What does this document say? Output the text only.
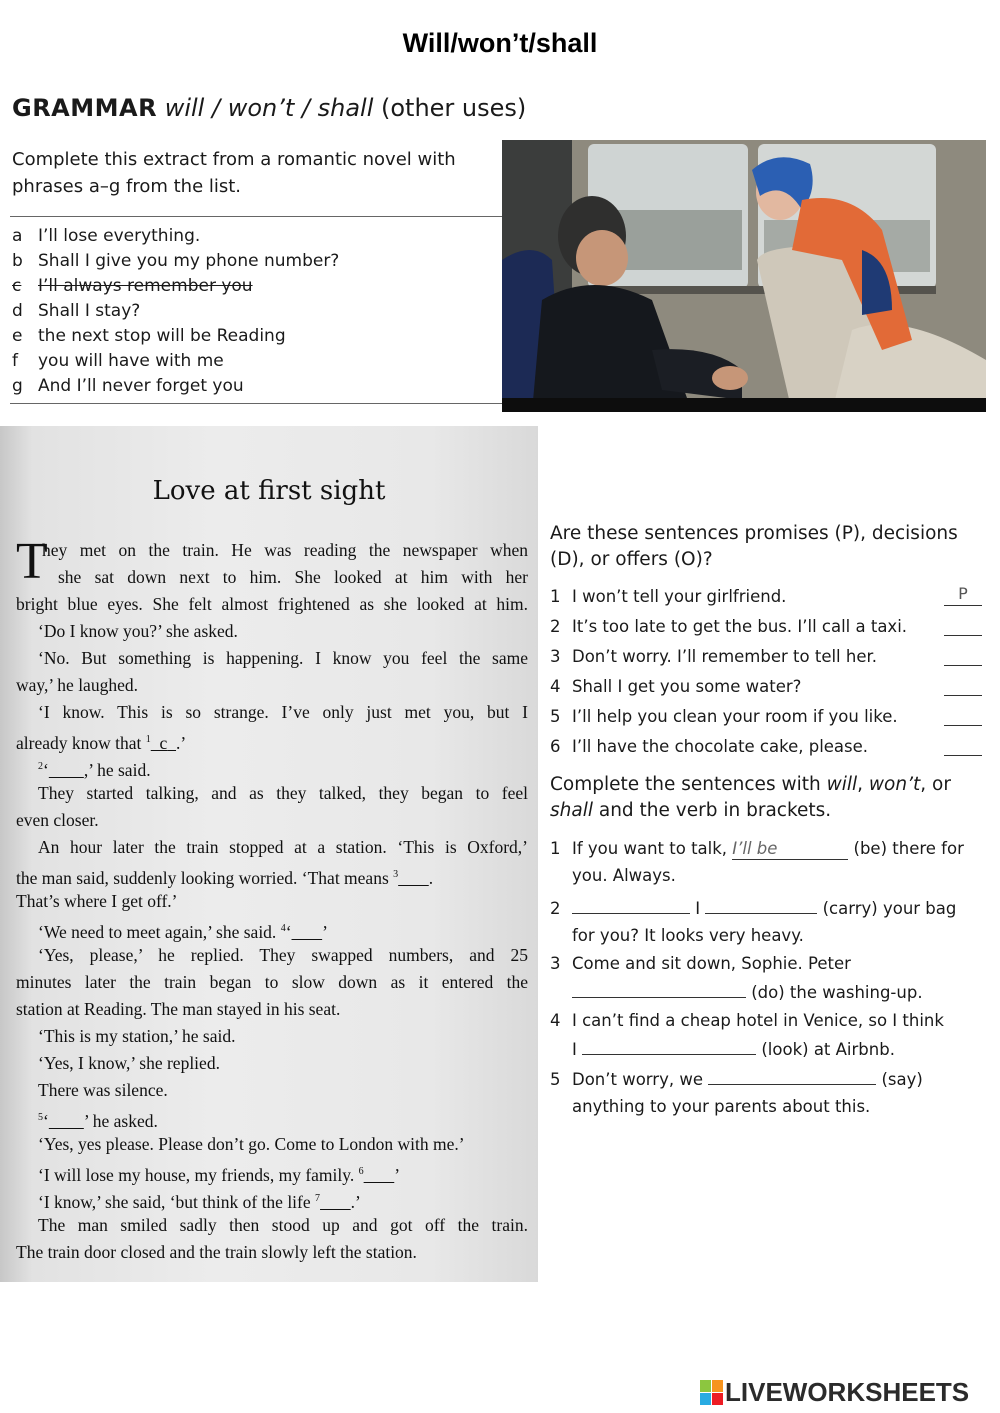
Will/won’t/shall
GRAMMAR will / won’t / shall (other uses)
Complete this extract from a romantic novel with
phrases a–g from the list.
a I’ll lose everything.
b Shall I give you my phone number?
c I’ll always remember you
d Shall I stay?
e the next stop will be Reading
f you will have with me
g And I’ll never forget you
Love at first sight
T
hey met on the train. He was reading the newspaper when
she sat down next to him. She looked at him with her
bright blue eyes. She felt almost frightened as she looked at him.
‘Do I know you?’ she asked.
‘No. But something is happening. I know you feel the same
way,’ he laughed.
‘I know. This is so strange. I’ve only just met you, but I
already know that $^1$ c .’
$^2$‘ ,’ he said.
They started talking, and as they talked, they began to feel
even closer.
An hour later the train stopped at a station. ‘This is Oxford,’
the man said, suddenly looking worried. ‘That means $^3$ .
That’s where I get off.’
‘We need to meet again,’ she said. $^4$‘ ’
‘Yes, please,’ he replied. They swapped numbers, and 25
minutes later the train began to slow down as it entered the
station at Reading. The man stayed in his seat.
‘This is my station,’ he said.
‘Yes, I know,’ she replied.
There was silence.
$^5$‘ ’ he asked.
‘Yes, yes please. Please don’t go. Come to London with me.’
‘I will lose my house, my friends, my family. $^6$ ’
‘I know,’ she said, ‘but think of the life $^7$ .’
The man smiled sadly then stood up and got off the train.
The train door closed and the train slowly left the station.
Are these sentences promises (P), decisions
(D), or offers (O)?
1 I won’t tell your girlfriend.	P
2 It’s too late to get the bus. I’ll call a taxi.
3 Don’t worry. I’ll remember to tell her.
4 Shall I get you some water?
5 I’ll help you clean your room if you like.
6 I’ll have the chocolate cake, please.
Complete the sentences with will, won’t, or
shall and the verb in brackets.
1 If you want to talk, I’ll be	(be) there for
you. Always.
2	I	(carry) your bag
for you? It looks very heavy.
3 Come and sit down, Sophie. Peter
(do) the washing-up.
4 I can’t find a cheap hotel in Venice, so I think
I	(look) at Airbnb.
5 Don’t worry, we	(say)
anything to your parents about this.
LIVEWORKSHEETS
